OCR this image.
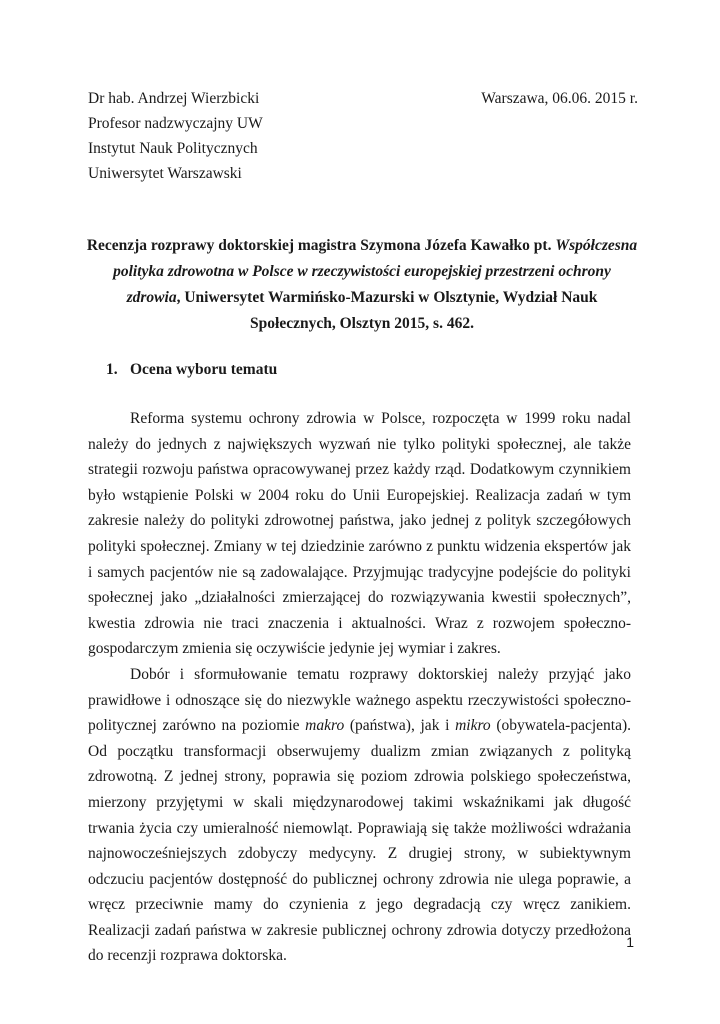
Dr hab. Andrzej Wierzbicki
Profesor nadzwyczajny UW
Instytut Nauk Politycznych
Uniwersytet Warszawski
Warszawa, 06.06. 2015 r.
Recenzja rozprawy doktorskiej magistra Szymona Józefa Kawałko pt. Współczesna polityka zdrowotna w Polsce w rzeczywistości europejskiej przestrzeni ochrony zdrowia, Uniwersytet Warmińsko-Mazurski w Olsztynie, Wydział Nauk Społecznych, Olsztyn 2015, s. 462.
1. Ocena wyboru tematu

Reforma systemu ochrony zdrowia w Polsce, rozpoczęta w 1999 roku nadal należy do jednych z największych wyzwań nie tylko polityki społecznej, ale także strategii rozwoju państwa opracowywanej przez każdy rząd. Dodatkowym czynnikiem było wstąpienie Polski w 2004 roku do Unii Europejskiej. Realizacja zadań w tym zakresie należy do polityki zdrowotnej państwa, jako jednej z polityk szczegółowych polityki społecznej. Zmiany w tej dziedzinie zarówno z punktu widzenia ekspertów jak i samych pacjentów nie są zadowalające. Przyjmując tradycyjne podejście do polityki społecznej jako „działalności zmierzającej do rozwiązywania kwestii społecznych”, kwestia zdrowia nie traci znaczenia i aktualności. Wraz z rozwojem społeczno-gospodarczym zmienia się oczywiście jedynie jej wymiar i zakres.

Dobór i sformułowanie tematu rozprawy doktorskiej należy przyjąć jako prawidłowe i odnoszące się do niezwykle ważnego aspektu rzeczywistości społeczno-politycznej zarówno na poziomie makro (państwa), jak i mikro (obywatela-pacjenta). Od początku transformacji obserwujemy dualizm zmian związanych z polityką zdrowotną. Z jednej strony, poprawia się poziom zdrowia polskiego społeczeństwa, mierzony przyjętymi w skali międzynarodowej takimi wskaźnikami jak długość trwania życia czy umieralność niemowląt. Poprawiają się także możliwości wdrażania najnowocześniejszych zdobyczy medycyny. Z drugiej strony, w subiektywnym odczuciu pacjentów dostępność do publicznej ochrony zdrowia nie ulega poprawie, a wręcz przeciwnie mamy do czynienia z jego degradacją czy wręcz zanikiem. Realizacji zadań państwa w zakresie publicznej ochrony zdrowia dotyczy przedłożona do recenzji rozprawa doktorska.

1
